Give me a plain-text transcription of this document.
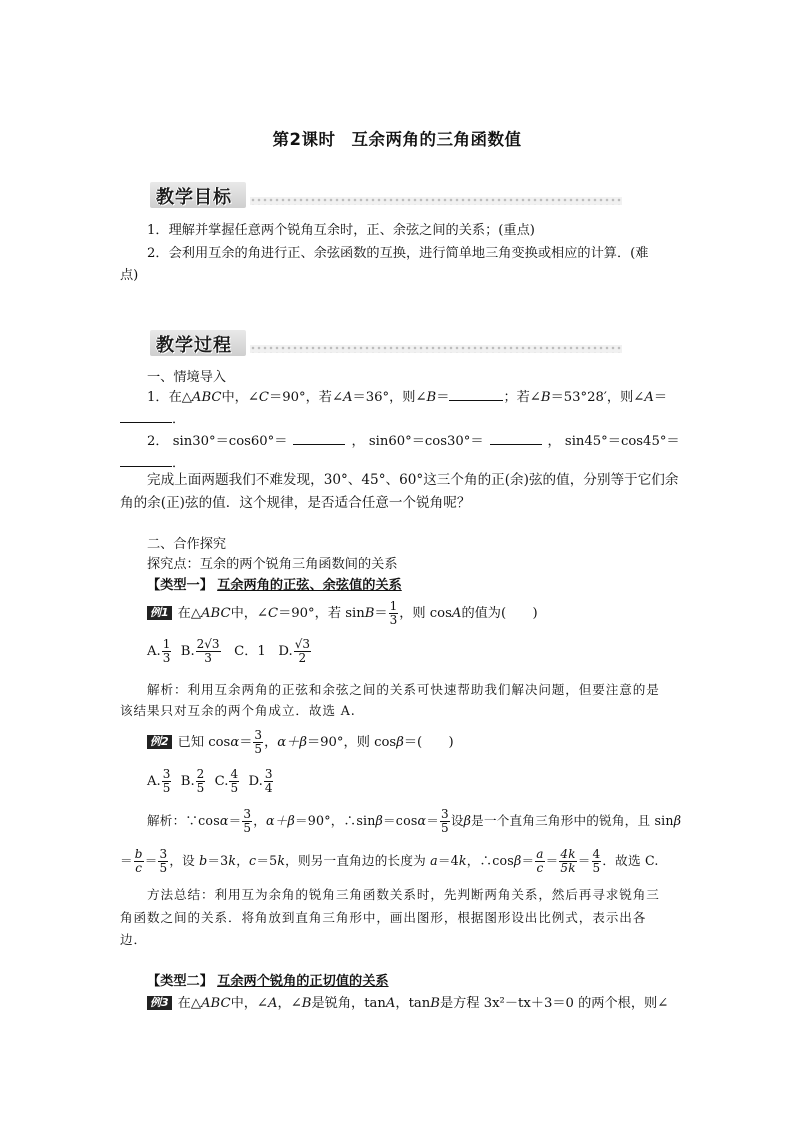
第2课时 互余两角的三角函数值
教学目标
1．理解并掌握任意两个锐角互余时，正、余弦之间的关系；(重点)
2．会利用互余的角进行正、余弦函数的互换，进行简单地三角变换或相应的计算．(难
点)
教学过程
一、情境导入
1．在△ABC中，∠C＝90°，若∠A＝36°，则∠B＝	；若∠B＝53°28′，则∠A＝
．
2． sin30°＝cos60°＝	， sin60°＝cos30°＝	， sin45°＝cos45°＝
．
完成上面两题我们不难发现，30°、45°、60°这三个角的正(余)弦的值，分别等于它们余
角的余(正)弦的值．这个规律，是否适合任意一个锐角呢？
二、合作探究
探究点：互余的两个锐角三角函数间的关系
【类型一】 互余两角的正弦、余弦值的关系
例1 在△ABC中，∠C＝90°，若 $\sin B= \frac{1}{3}$ ，则 cosA的值为(　　)
A. $\frac{1}{3} B$. $\frac{2√3}{3}$ C．1 D. $\frac{√3}{2}$
解析：利用互余两角的正弦和余弦之间的关系可快速帮助我们解决问题，但要注意的是
该结果只对互余的两个角成立．故选 A.
例2 已知 $\cos\alpha= \frac{3}{5}$ ，α＋β＝90°，则 cosβ＝(　　)
A. $\frac{3}{5} B$. $\frac{2}{5} C$. $\frac{4}{5} D$. $\frac{3}{4}$
解析：∵cosα＝ $\frac{3}{5}$ ，α＋β＝90°，∴sinβ＝cosα＝ $\frac{3}{5}$ 设β是一个直角三角形中的锐角，且 sinβ
＝ $\frac{b}{c} = \frac{3}{5}$ ，设 b＝3k，c＝5k，则另一直角边的长度为 a＝4k，∴cosβ＝ $\frac{a}{c} = \frac{4k}{5k} = \frac{4}{5}$ ．故选 C.
方法总结：利用互为余角的锐角三角函数关系时，先判断两角关系，然后再寻求锐角三
角函数之间的关系．将角放到直角三角形中，画出图形，根据图形设出比例式，表示出各
边．
【类型二】 互余两个锐角的正切值的关系
例3 在△ABC中，∠A，∠B是锐角，tanA，tanB是方程 3x²－tx＋3＝0 的两个根，则∠
